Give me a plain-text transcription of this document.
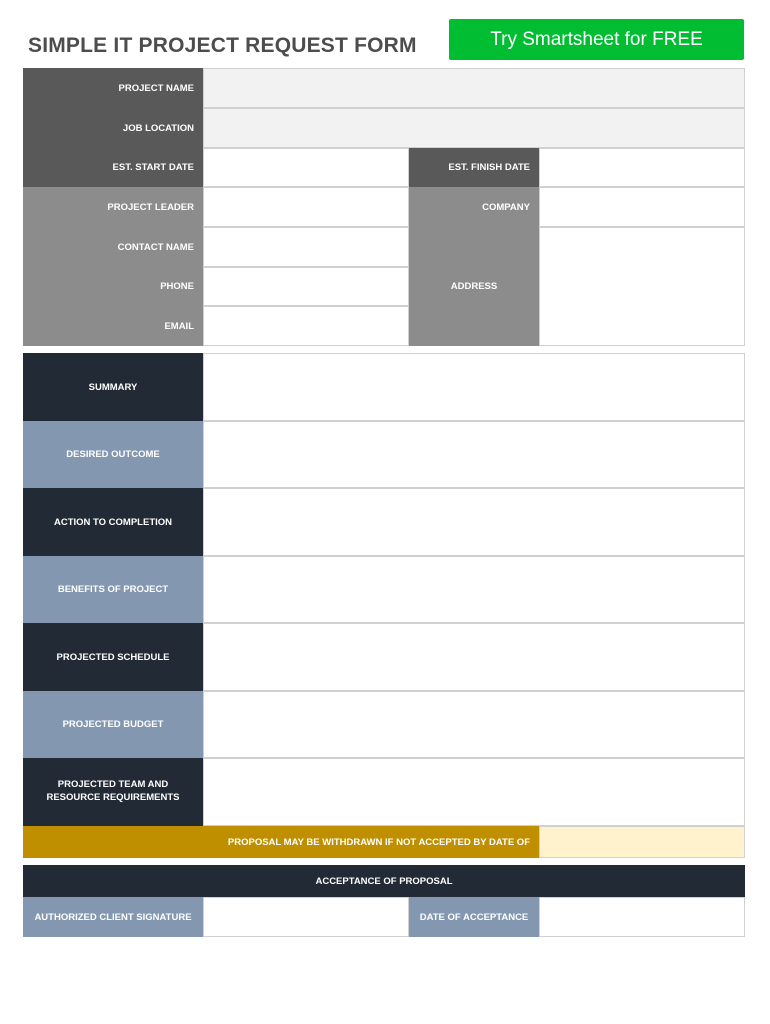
SIMPLE IT PROJECT REQUEST FORM	Try Smartsheet for FREE
PROJECT NAME
JOB LOCATION
EST. START DATE	EST. FINISH DATE
PROJECT LEADER	COMPANY
CONTACT NAME
PHONE
EMAIL
ADDRESS
SUMMARY
DESIRED OUTCOME
ACTION TO COMPLETION
BENEFITS OF PROJECT
PROJECTED SCHEDULE
PROJECTED BUDGET
PROJECTED TEAM AND RESOURCE REQUIREMENTS
PROPOSAL MAY BE WITHDRAWN IF NOT ACCEPTED BY DATE OF
ACCEPTANCE OF PROPOSAL
AUTHORIZED CLIENT SIGNATURE	DATE OF ACCEPTANCE
